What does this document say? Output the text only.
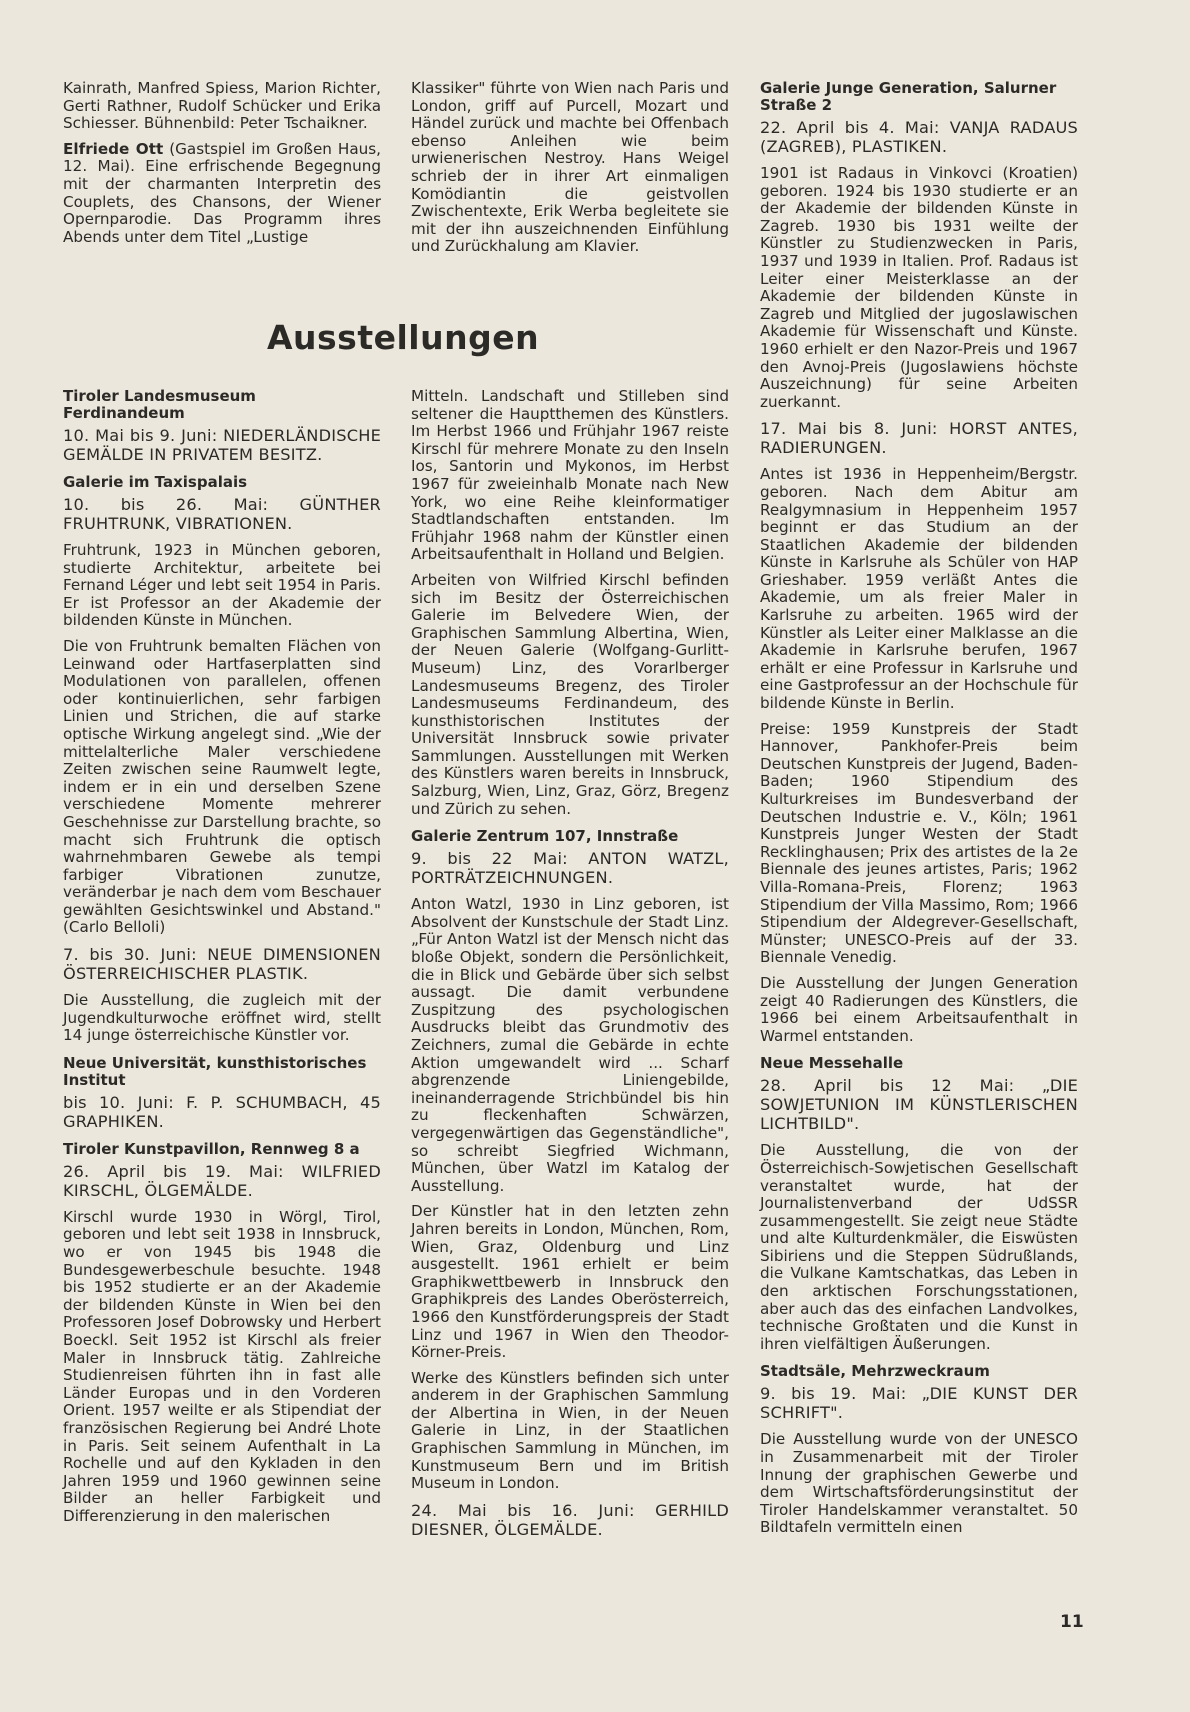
Kainrath, Manfred Spiess, Marion Richter, Gerti Rathner, Rudolf Schücker und Erika Schiesser. Bühnenbild: Peter Tschaikner.

Elfriede Ott (Gastspiel im Großen Haus, 12. Mai). Eine erfrischende Begegnung mit der charmanten Interpretin des Couplets, des Chansons, der Wiener Opernparodie. Das Programm ihres Abends unter dem Titel „Lustige

Klassiker" führte von Wien nach Paris und London, griff auf Purcell, Mozart und Händel zurück und machte bei Offenbach ebenso Anleihen wie beim urwienerischen Nestroy. Hans Weigel schrieb der in ihrer Art einmaligen Komödiantin die geistvollen Zwischentexte, Erik Werba begleitete sie mit der ihn auszeichnenden Einfühlung und Zurückhalung am Klavier.

Ausstellungen
Tiroler Landesmuseum Ferdinandeum

10. Mai bis 9. Juni: NIEDERLÄNDISCHE GEMÄLDE IN PRIVATEM BESITZ.

Galerie im Taxispalais

10. bis 26. Mai: GÜNTHER FRUHTRUNK, VIBRATIONEN.

Fruhtrunk, 1923 in München geboren, studierte Architektur, arbeitete bei Fernand Léger und lebt seit 1954 in Paris. Er ist Professor an der Akademie der bildenden Künste in München.

Die von Fruhtrunk bemalten Flächen von Leinwand oder Hartfaserplatten sind Modulationen von parallelen, offenen oder kontinuierlichen, sehr farbigen Linien und Strichen, die auf starke optische Wirkung angelegt sind. „Wie der mittelalterliche Maler verschiedene Zeiten zwischen seine Raumwelt legte, indem er in ein und derselben Szene verschiedene Momente mehrerer Geschehnisse zur Darstellung brachte, so macht sich Fruhtrunk die optisch wahrnehmbaren Gewebe als tempi farbiger Vibrationen zunutze, veränderbar je nach dem vom Beschauer gewählten Gesichtswinkel und Abstand." (Carlo Belloli)

7. bis 30. Juni: NEUE DIMENSIONEN ÖSTERREICHISCHER PLASTIK.

Die Ausstellung, die zugleich mit der Jugendkulturwoche eröffnet wird, stellt 14 junge österreichische Künstler vor.

Neue Universität, kunsthistorisches Institut

bis 10. Juni: F. P. SCHUMBACH, 45 GRAPHIKEN.

Tiroler Kunstpavillon, Rennweg 8 a

26. April bis 19. Mai: WILFRIED KIRSCHL, ÖLGEMÄLDE.

Kirschl wurde 1930 in Wörgl, Tirol, geboren und lebt seit 1938 in Innsbruck, wo er von 1945 bis 1948 die Bundesgewerbeschule besuchte. 1948 bis 1952 studierte er an der Akademie der bildenden Künste in Wien bei den Professoren Josef Dobrowsky und Herbert Boeckl. Seit 1952 ist Kirschl als freier Maler in Innsbruck tätig. Zahlreiche Studienreisen führten ihn in fast alle Länder Europas und in den Vorderen Orient. 1957 weilte er als Stipendiat der französischen Regierung bei André Lhote in Paris. Seit seinem Aufenthalt in La Rochelle und auf den Kykladen in den Jahren 1959 und 1960 gewinnen seine Bilder an heller Farbigkeit und Differenzierung in den malerischen

Mitteln. Landschaft und Stilleben sind seltener die Hauptthemen des Künstlers. Im Herbst 1966 und Frühjahr 1967 reiste Kirschl für mehrere Monate zu den Inseln Ios, Santorin und Mykonos, im Herbst 1967 für zweieinhalb Monate nach New York, wo eine Reihe kleinformatiger Stadtlandschaften entstanden. Im Frühjahr 1968 nahm der Künstler einen Arbeitsaufenthalt in Holland und Belgien.

Arbeiten von Wilfried Kirschl befinden sich im Besitz der Österreichischen Galerie im Belvedere Wien, der Graphischen Sammlung Albertina, Wien, der Neuen Galerie (Wolfgang-Gurlitt-Museum) Linz, des Vorarlberger Landesmuseums Bregenz, des Tiroler Landesmuseums Ferdinandeum, des kunsthistorischen Institutes der Universität Innsbruck sowie privater Sammlungen. Ausstellungen mit Werken des Künstlers waren bereits in Innsbruck, Salzburg, Wien, Linz, Graz, Görz, Bregenz und Zürich zu sehen.

Galerie Zentrum 107, Innstraße

9. bis 22 Mai: ANTON WATZL, PORTRÄTZEICHNUNGEN.

Anton Watzl, 1930 in Linz geboren, ist Absolvent der Kunstschule der Stadt Linz. „Für Anton Watzl ist der Mensch nicht das bloße Objekt, sondern die Persönlichkeit, die in Blick und Gebärde über sich selbst aussagt. Die damit verbundene Zuspitzung des psychologischen Ausdrucks bleibt das Grundmotiv des Zeichners, zumal die Gebärde in echte Aktion umgewandelt wird ... Scharf abgrenzende Liniengebilde, ineinanderragende Strichbündel bis hin zu fleckenhaften Schwärzen, vergegenwärtigen das Gegenständliche", so schreibt Siegfried Wichmann, München, über Watzl im Katalog der Ausstellung.

Der Künstler hat in den letzten zehn Jahren bereits in London, München, Rom, Wien, Graz, Oldenburg und Linz ausgestellt. 1961 erhielt er beim Graphikwettbewerb in Innsbruck den Graphikpreis des Landes Oberösterreich, 1966 den Kunstförderungspreis der Stadt Linz und 1967 in Wien den Theodor-Körner-Preis.

Werke des Künstlers befinden sich unter anderem in der Graphischen Sammlung der Albertina in Wien, in der Neuen Galerie in Linz, in der Staatlichen Graphischen Sammlung in München, im Kunstmuseum Bern und im British Museum in London.

24. Mai bis 16. Juni: GERHILD DIESNER, ÖLGEMÄLDE.

Galerie Junge Generation, Salurner Straße 2

22. April bis 4. Mai: VANJA RADAUS (ZAGREB), PLASTIKEN.

1901 ist Radaus in Vinkovci (Kroatien) geboren. 1924 bis 1930 studierte er an der Akademie der bildenden Künste in Zagreb. 1930 bis 1931 weilte der Künstler zu Studienzwecken in Paris, 1937 und 1939 in Italien. Prof. Radaus ist Leiter einer Meisterklasse an der Akademie der bildenden Künste in Zagreb und Mitglied der jugoslawischen Akademie für Wissenschaft und Künste. 1960 erhielt er den Nazor-Preis und 1967 den Avnoj-Preis (Jugoslawiens höchste Auszeichnung) für seine Arbeiten zuerkannt.

17. Mai bis 8. Juni: HORST ANTES, RADIERUNGEN.

Antes ist 1936 in Heppenheim/Bergstr. geboren. Nach dem Abitur am Realgymnasium in Heppenheim 1957 beginnt er das Studium an der Staatlichen Akademie der bildenden Künste in Karlsruhe als Schüler von HAP Grieshaber. 1959 verläßt Antes die Akademie, um als freier Maler in Karlsruhe zu arbeiten. 1965 wird der Künstler als Leiter einer Malklasse an die Akademie in Karlsruhe berufen, 1967 erhält er eine Professur in Karlsruhe und eine Gastprofessur an der Hochschule für bildende Künste in Berlin.

Preise: 1959 Kunstpreis der Stadt Hannover, Pankhofer-Preis beim Deutschen Kunstpreis der Jugend, Baden-Baden; 1960 Stipendium des Kulturkreises im Bundesverband der Deutschen Industrie e. V., Köln; 1961 Kunstpreis Junger Westen der Stadt Recklinghausen; Prix des artistes de la 2e Biennale des jeunes artistes, Paris; 1962 Villa-Romana-Preis, Florenz; 1963 Stipendium der Villa Massimo, Rom; 1966 Stipendium der Aldegrever-Gesellschaft, Münster; UNESCO-Preis auf der 33. Biennale Venedig.

Die Ausstellung der Jungen Generation zeigt 40 Radierungen des Künstlers, die 1966 bei einem Arbeitsaufenthalt in Warmel entstanden.

Neue Messehalle

28. April bis 12 Mai: „DIE SOWJETUNION IM KÜNSTLERISCHEN LICHTBILD".

Die Ausstellung, die von der Österreichisch-Sowjetischen Gesellschaft veranstaltet wurde, hat der Journalistenverband der UdSSR zusammengestellt. Sie zeigt neue Städte und alte Kulturdenkmäler, die Eiswüsten Sibiriens und die Steppen Südrußlands, die Vulkane Kamtschatkas, das Leben in den arktischen Forschungsstationen, aber auch das des einfachen Landvolkes, technische Großtaten und die Kunst in ihren vielfältigen Äußerungen.

Stadtsäle, Mehrzweckraum

9. bis 19. Mai: „DIE KUNST DER SCHRIFT".

Die Ausstellung wurde von der UNESCO in Zusammenarbeit mit der Tiroler Innung der graphischen Gewerbe und dem Wirtschaftsförderungsinstitut der Tiroler Handelskammer veranstaltet. 50 Bildtafeln vermitteln einen

11
